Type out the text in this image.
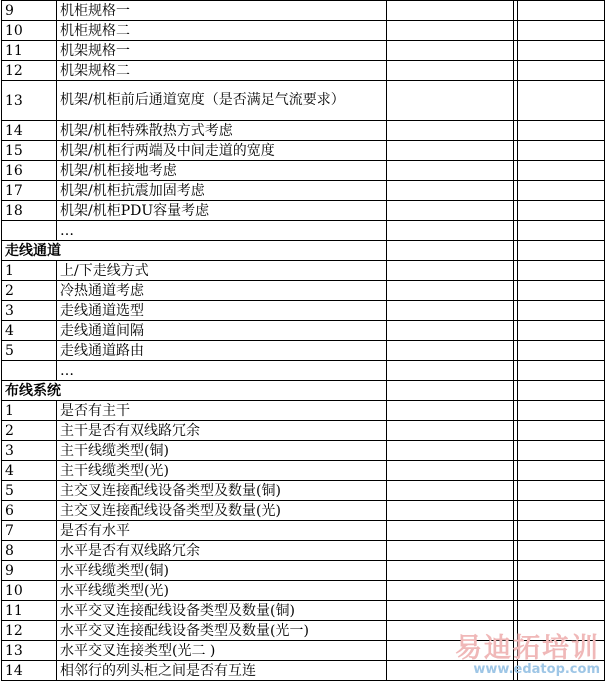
9	机柜规格一			
10	机柜规格二			
11	机架规格一			
12	机架规格二			
13	机架/机柜前后通道宽度（是否满足气流要求）			
14	机架/机柜特殊散热方式考虑			
15	机架/机柜行两端及中间走道的宽度			
16	机架/机柜接地考虑			
17	机架/机柜抗震加固考虑			
18	机架/机柜PDU容量考虑			
	…			
走线通道				
1	上/下走线方式			
2	冷热通道考虑			
3	走线通道选型			
4	走线通道间隔			
5	走线通道路由			
	…			
布线系统				
1	是否有主干			
2	主干是否有双线路冗余			
3	主干线缆类型(铜)			
4	主干线缆类型(光)			
5	主交叉连接配线设备类型及数量(铜)			
6	主交叉连接配线设备类型及数量(光)			
7	是否有水平			
8	水平是否有双线路冗余			
9	水平线缆类型(铜)			
10	水平线缆类型(光)			
11	水平交叉连接配线设备类型及数量(铜)			
12	水平交叉连接配线设备类型及数量(光一)			
13	水平交叉连接类型(光二 )			
14	相邻行的列头柜之间是否有互连			
易迪拓培训
www.edatop.com
